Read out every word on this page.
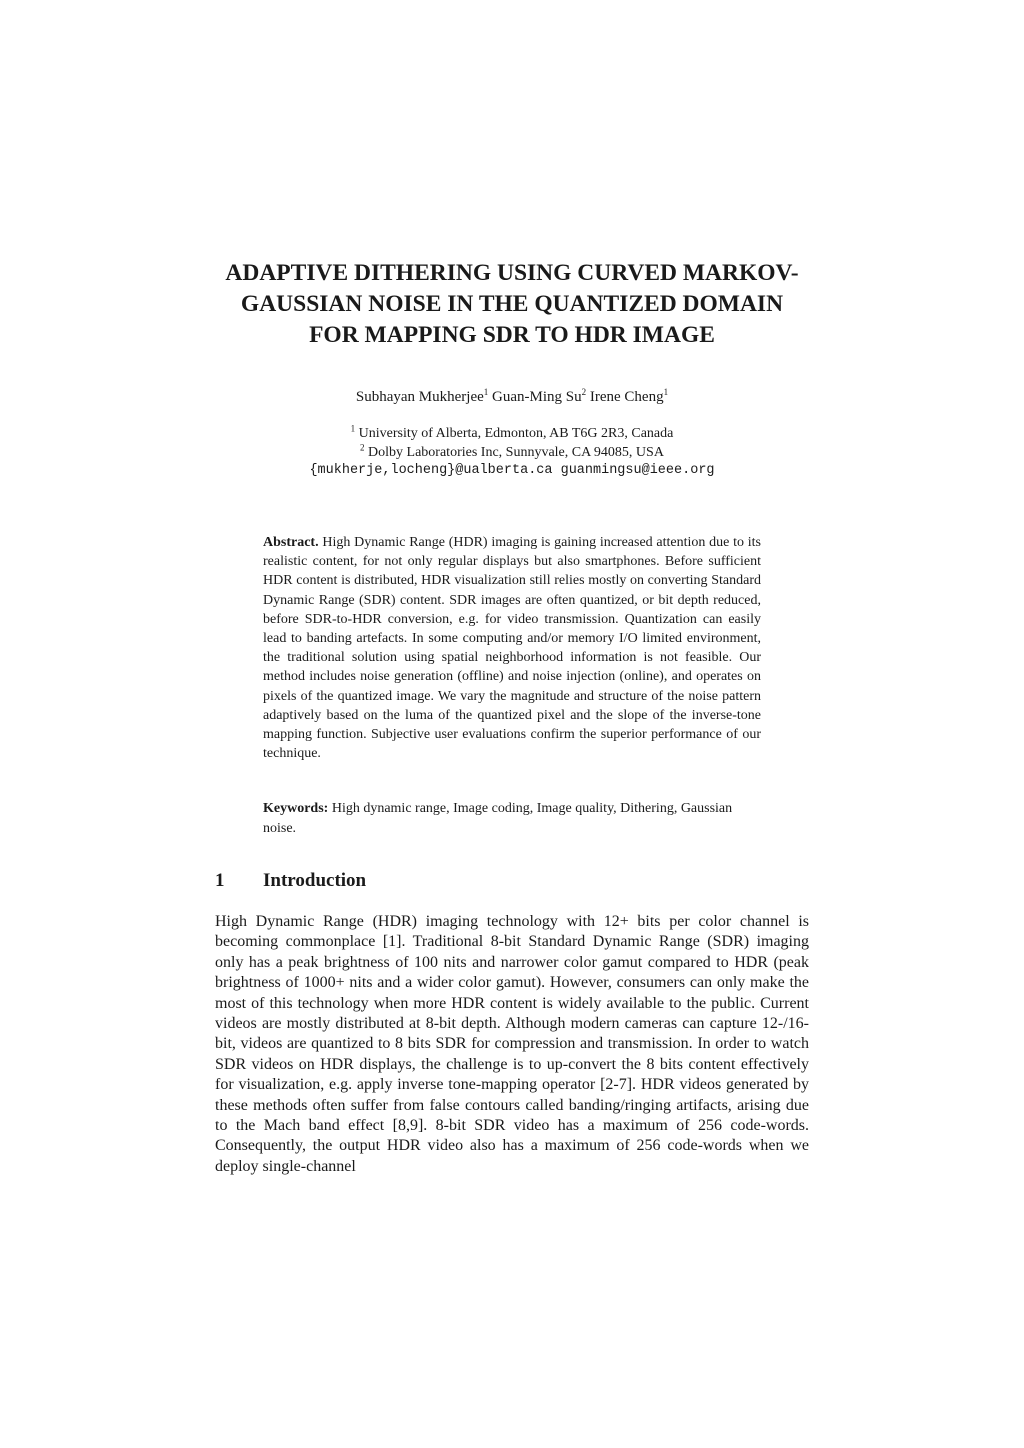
ADAPTIVE DITHERING USING CURVED MARKOV-
GAUSSIAN NOISE IN THE QUANTIZED DOMAIN
FOR MAPPING SDR TO HDR IMAGE

Subhayan Mukherjee$^1$ Guan-Ming Su$^2$ Irene Cheng$^1$

$^1$ University of Alberta, Edmonton, AB T6G 2R3, Canada
$^2$ Dolby Laboratories Inc, Sunnyvale, CA 94085, USA
{mukherje,locheng}@ualberta.ca guanmingsu@ieee.org

Abstract. High Dynamic Range (HDR) imaging is gaining increased attention due to its realistic content, for not only regular displays but also smartphones. Before sufficient HDR content is distributed, HDR visualization still relies mostly on converting Standard Dynamic Range (SDR) content. SDR images are often quantized, or bit depth reduced, before SDR-to-HDR conversion, e.g. for video transmission. Quantization can easily lead to banding artefacts. In some computing and/or memory I/O limited environment, the traditional solution using spatial neighborhood information is not feasible. Our method includes noise generation (offline) and noise injection (online), and operates on pixels of the quantized image. We vary the magnitude and structure of the noise pattern adaptively based on the luma of the quantized pixel and the slope of the inverse-tone mapping function. Subjective user evaluations confirm the superior performance of our technique.

Keywords: High dynamic range, Image coding, Image quality, Dithering, Gaussian noise.

1 Introduction

High Dynamic Range (HDR) imaging technology with 12+ bits per color channel is becoming commonplace [1]. Traditional 8-bit Standard Dynamic Range (SDR) imaging only has a peak brightness of 100 nits and narrower color gamut compared to HDR (peak brightness of 1000+ nits and a wider color gamut). However, consumers can only make the most of this technology when more HDR content is widely available to the public. Current videos are mostly distributed at 8-bit depth. Although modern cameras can capture 12-/16-bit, videos are quantized to 8 bits SDR for compression and transmission. In order to watch SDR videos on HDR displays, the challenge is to up-convert the 8 bits content effectively for visualization, e.g. apply inverse tone-mapping operator [2-7]. HDR videos generated by these methods often suffer from false contours called banding/ringing artifacts, arising due to the Mach band effect [8,9]. 8-bit SDR video has a maximum of 256 code-words. Consequently, the output HDR video also has a maximum of 256 code-words when we deploy single-channel
